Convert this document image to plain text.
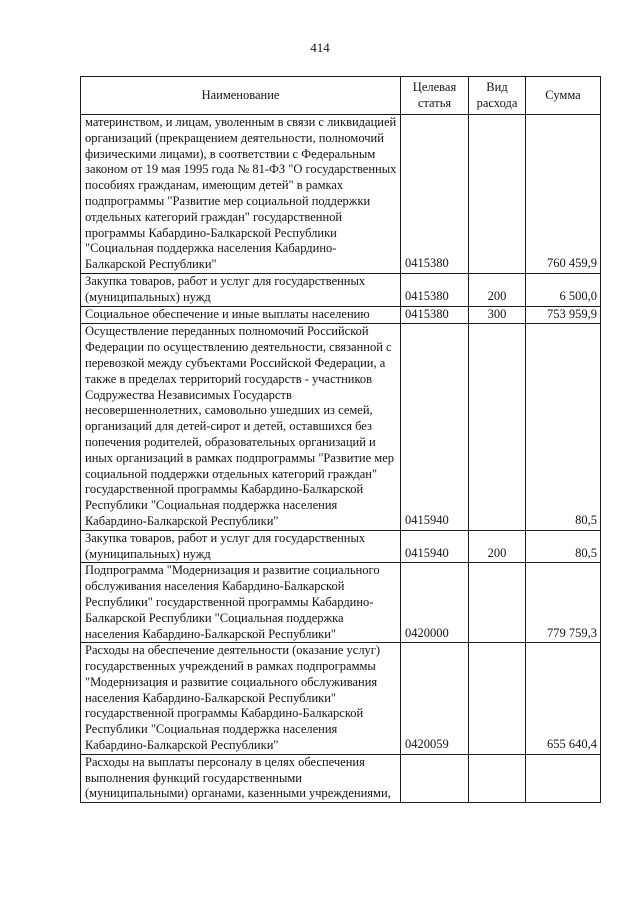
414
Наименование	Целевая статья	Вид расхода	Сумма
материнством, и лицам, уволенным в связи с ликвидацией организаций (прекращением деятельности, полномочий физическими лицами), в соответствии с Федеральным законом от 19 мая 1995 года № 81-ФЗ "О государственных пособиях гражданам, имеющим детей" в рамках подпрограммы "Развитие мер социальной поддержки отдельных категорий граждан" государственной программы Кабардино-Балкарской Республики "Социальная поддержка населения Кабардино-Балкарской Республики"	0415380		760 459,9
Закупка товаров, работ и услуг для государственных (муниципальных) нужд	0415380	200	6 500,0
Социальное обеспечение и иные выплаты населению	0415380	300	753 959,9
Осуществление переданных полномочий Российской Федерации по осуществлению деятельности, связанной с перевозкой между субъектами Российской Федерации, а также в пределах территорий государств - участников Содружества Независимых Государств несовершеннолетних, самовольно ушедших из семей, организаций для детей-сирот и детей, оставшихся без попечения родителей, образовательных организаций и иных организаций в рамках подпрограммы "Развитие мер социальной поддержки отдельных категорий граждан" государственной программы Кабардино-Балкарской Республики "Социальная поддержка населения Кабардино-Балкарской Республики"	0415940		80,5
Закупка товаров, работ и услуг для государственных (муниципальных) нужд	0415940	200	80,5
Подпрограмма "Модернизация и развитие социального обслуживания населения Кабардино-Балкарской Республики" государственной программы Кабардино-Балкарской Республики "Социальная поддержка населения Кабардино-Балкарской Республики"	0420000		779 759,3
Расходы на обеспечение деятельности (оказание услуг) государственных учреждений в рамках подпрограммы "Модернизация и развитие социального обслуживания населения Кабардино-Балкарской Республики" государственной программы Кабардино-Балкарской Республики "Социальная поддержка населения Кабардино-Балкарской Республики"	0420059		655 640,4
Расходы на выплаты персоналу в целях обеспечения выполнения функций государственными (муниципальными) органами, казенными учреждениями,			
